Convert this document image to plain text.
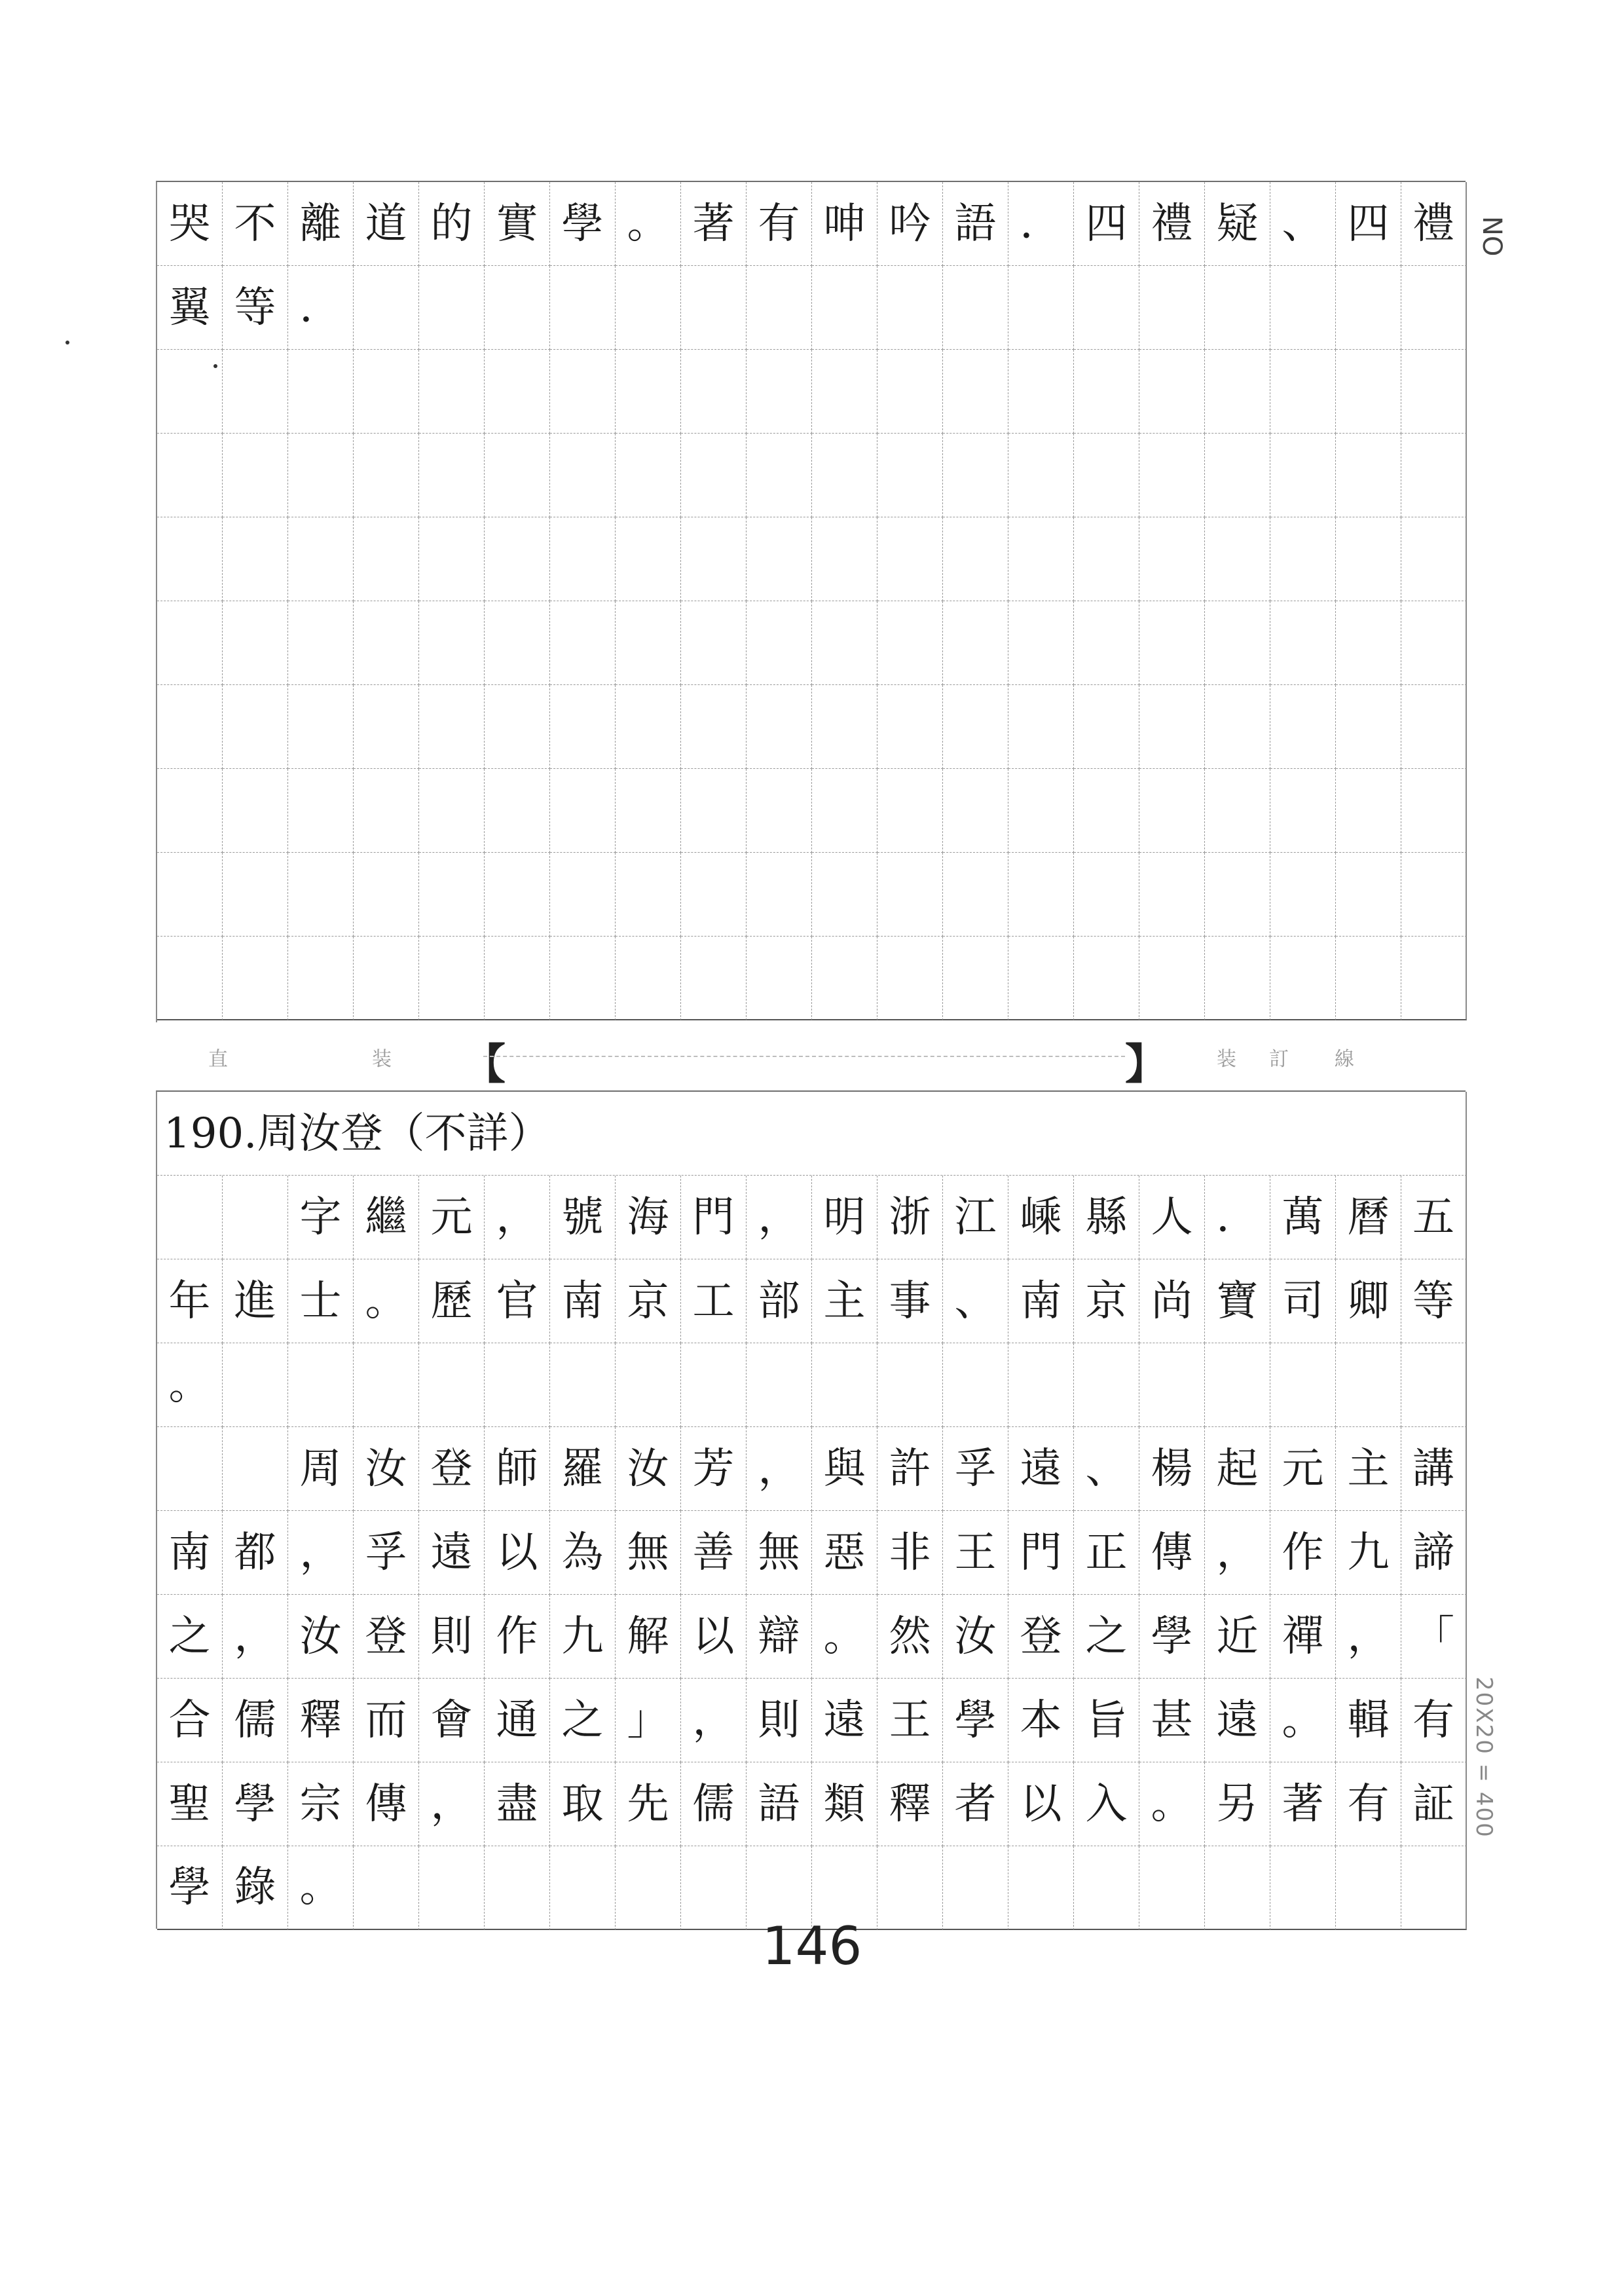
NO
哭 不 離 道 的 實 學 。 著 有 呻 吟 語 ． 四 禮 疑 、 四 禮
翼 等 ．
直	装 【	】	装 訂 線
190.周汝登（不詳）
字 繼 元 ， 號 海 門 ， 明 浙 江 嵊 縣 人 ． 萬 曆 五
年 進 士 。 歷 官 南 京 工 部 主 事 、 南 京 尚 寶 司 卿 等
。
周 汝 登 師 羅 汝 芳 ， 與 許 孚 遠 、 楊 起 元 主 講
南 都 ， 孚 遠 以 為 無 善 無 惡 非 王 門 正 傳 ， 作 九 諦
之 ， 汝 登 則 作 九 解 以 辯 。 然 汝 登 之 學 近 禪 ， 「
合 儒 釋 而 會 通 之 」 ， 則 遠 王 學 本 旨 甚 遠 。 輯 有
聖 學 宗 傳 ， 盡 取 先 儒 語 類 釋 者 以 入 。 另 著 有 証
學 錄 。
20X20 = 400
146
